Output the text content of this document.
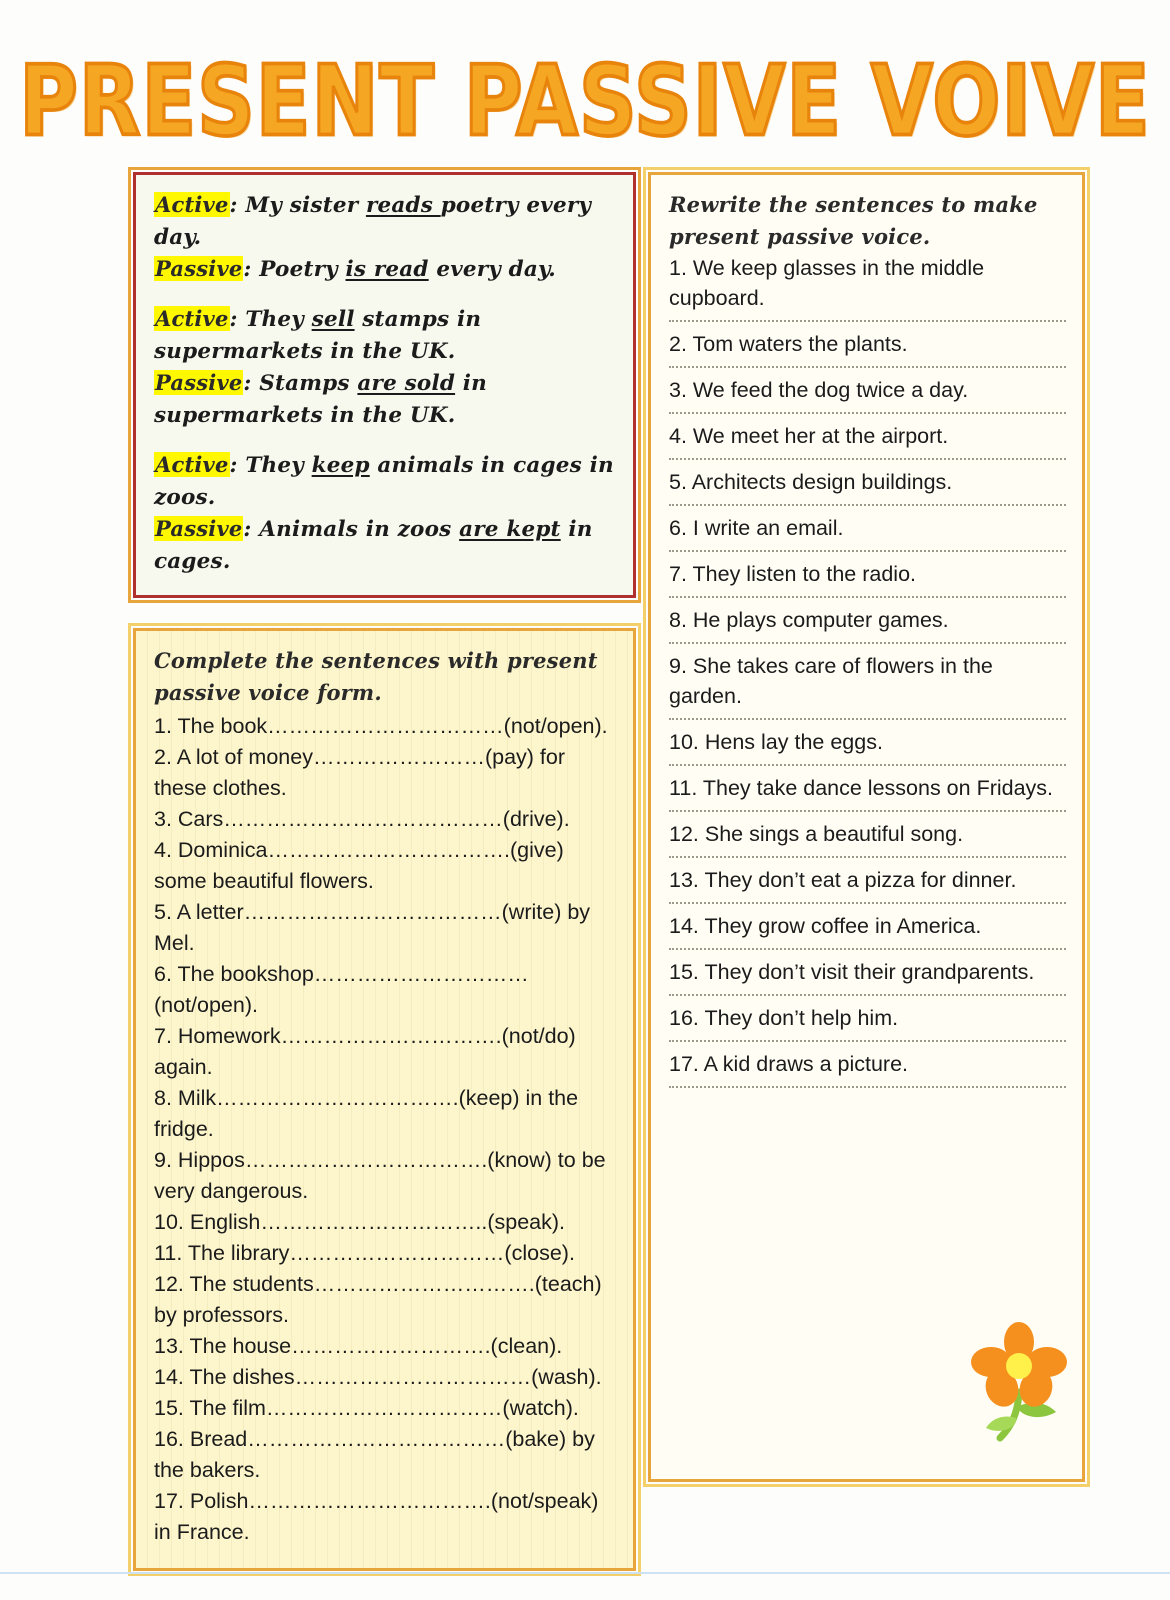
PRESENT PASSIVE VOIVE
Active: My sister reads poetry every day.
Passive: Poetry is read every day.
Active: They sell stamps in supermarkets in the UK.
Passive: Stamps are sold in supermarkets in the UK.
Active: They keep animals in cages in zoos.
Passive: Animals in zoos are kept in cages.
Complete the sentences with present passive voice form.

1. The book……………………………(not/open).

2. A lot of money……………………(pay) for these clothes.

3. Cars…………………………………(drive).

4. Dominica…………………………….(give) some beautiful flowers.

5. A letter………………………………(write) by Mel.

6. The bookshop…………………………(not/open).

7. Homework………………………….(not/do) again.

8. Milk…………………………….(keep) in the fridge.

9. Hippos…………………………….(know) to be very dangerous.

10. English…………………………..(speak).

11. The library…………………………(close).

12. The students………………………….(teach) by professors.

13. The house……………………….(clean).

14. The dishes……………………………(wash).

15. The film……………………………(watch).

16. Bread………………………………(bake) by the bakers.

17. Polish…………………………….(not/speak) in France.

Rewrite the sentences to make present passive voice.

1. We keep glasses in the middle cupboard.

2. Tom waters the plants.

3. We feed the dog twice a day.

4. We meet her at the airport.

5. Architects design buildings.

6. I write an email.

7. They listen to the radio.

8. He plays computer games.

9. She takes care of flowers in the garden.

10. Hens lay the eggs.

11. They take dance lessons on Fridays.

12. She sings a beautiful song.

13. They don’t eat a pizza for dinner.

14. They grow coffee in America.

15. They don’t visit their grandparents.

16. They don’t help him.

17. A kid draws a picture.
